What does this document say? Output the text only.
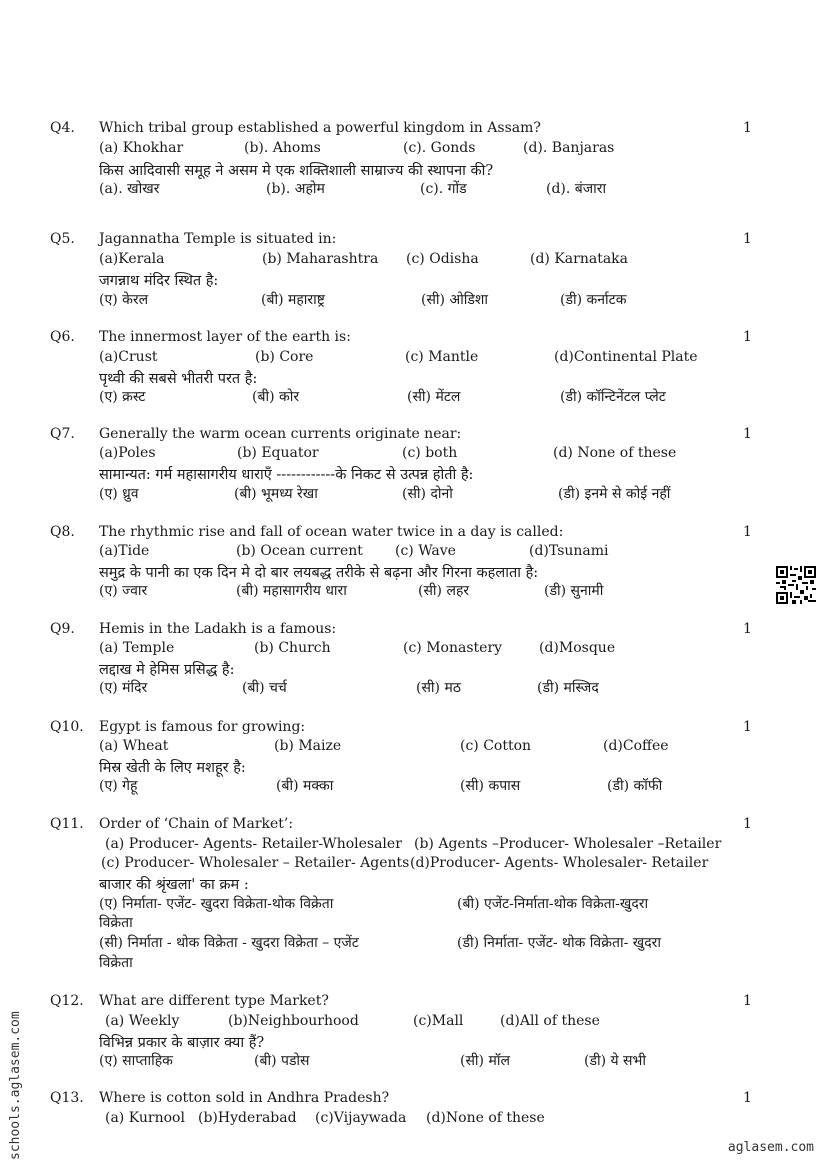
Q4.	1
Which tribal group established a powerful kingdom in Assam?
(a) Khokhar	(b). Ahoms	(c). Gonds	(d). Banjaras
किस आदिवासी समूह ने असम मे एक शक्तिशाली साम्राज्य की स्थापना की?
(a). खोखर	(b). अहोम	(c). गोंड	(d). बंजारा
Q5.	1
Jagannatha Temple is situated in:
(a)Kerala	(b) Maharashtra (c) Odisha	(d) Karnataka
जगन्नाथ मंदिर स्थित है:
(ए) केरल	(बी) महाराष्ट्र	(सी) ओडिशा	(डी) कर्नाटक
Q6.	1
The innermost layer of the earth is:
(a)Crust	(b) Core	(c) Mantle	(d)Continental Plate
पृथ्वी की सबसे भीतरी परत है:
(ए) क्रस्ट	(बी) कोर	(सी) मेंटल	(डी) कॉन्टिनेंटल प्लेट
Q7.	1
Generally the warm ocean currents originate near:
(a)Poles	(b) Equator	(c) both	(d) None of these
सामान्यत: गर्म महासागरीय धाराएँ ------------के निकट से उत्पन्न होती है:
(ए) ध्रुव	(बी) भूमध्य रेखा	(सी) दोनो	(डी) इनमे से कोई नहीं
Q8.	1
The rhythmic rise and fall of ocean water twice in a day is called:
(a)Tide	(b) Ocean current (c) Wave	(d)Tsunami
समुद्र के पानी का एक दिन मे दो बार लयबद्ध तरीके से बढ़ना और गिरना कहलाता है:
(ए) ज्वार	(बी) महासागरीय धारा	(सी) लहर	(डी) सुनामी
Q9.	1
Hemis in the Ladakh is a famous:
(a) Temple	(b) Church	(c) Monastery	(d)Mosque
लद्दाख मे हेमिस प्रसिद्ध है:
(ए) मंदिर	(बी) चर्च	(सी) मठ	(डी) मस्जिद
Q10.	1
Egypt is famous for growing:
(a) Wheat	(b) Maize	(c) Cotton	(d)Coffee
मिस्र खेती के लिए मशहूर है:
(ए) गेहू	(बी) मक्का	(सी) कपास	(डी) कॉफी
Q11.	1
Order of ‘Chain of Market’:
(a) Producer- Agents- Retailer-Wholesaler (b) Agents –Producer- Wholesaler –Retailer
(c) Producer- Wholesaler – Retailer- Agents (d)Producer- Agents- Wholesaler- Retailer
बाजार की श्रृंखला' का क्रम :
(ए) निर्माता- एजेंट- खुदरा विक्रेता-थोक विक्रेता	(बी) एजेंट-निर्माता-थोक विक्रेता-खुदरा
विक्रेता
(सी) निर्माता - थोक विक्रेता - खुदरा विक्रेता – एजेंट	(डी) निर्माता- एजेंट- थोक विक्रेता- खुदरा
विक्रेता
Q12.	1
What are different type Market?
(a) Weekly	(b)Neighbourhood	(c)Mall	(d)All of these
विभिन्न प्रकार के बाज़ार क्या हैं?
(ए) साप्ताहिक	(बी) पडोस	(सी) मॉल	(डी) ये सभी
Q13.	1
Where is cotton sold in Andhra Pradesh?
(a) Kurnool (b)Hyderabad (c)Vijaywada (d)None of these
schools.aglasem.com	aglasem.com
